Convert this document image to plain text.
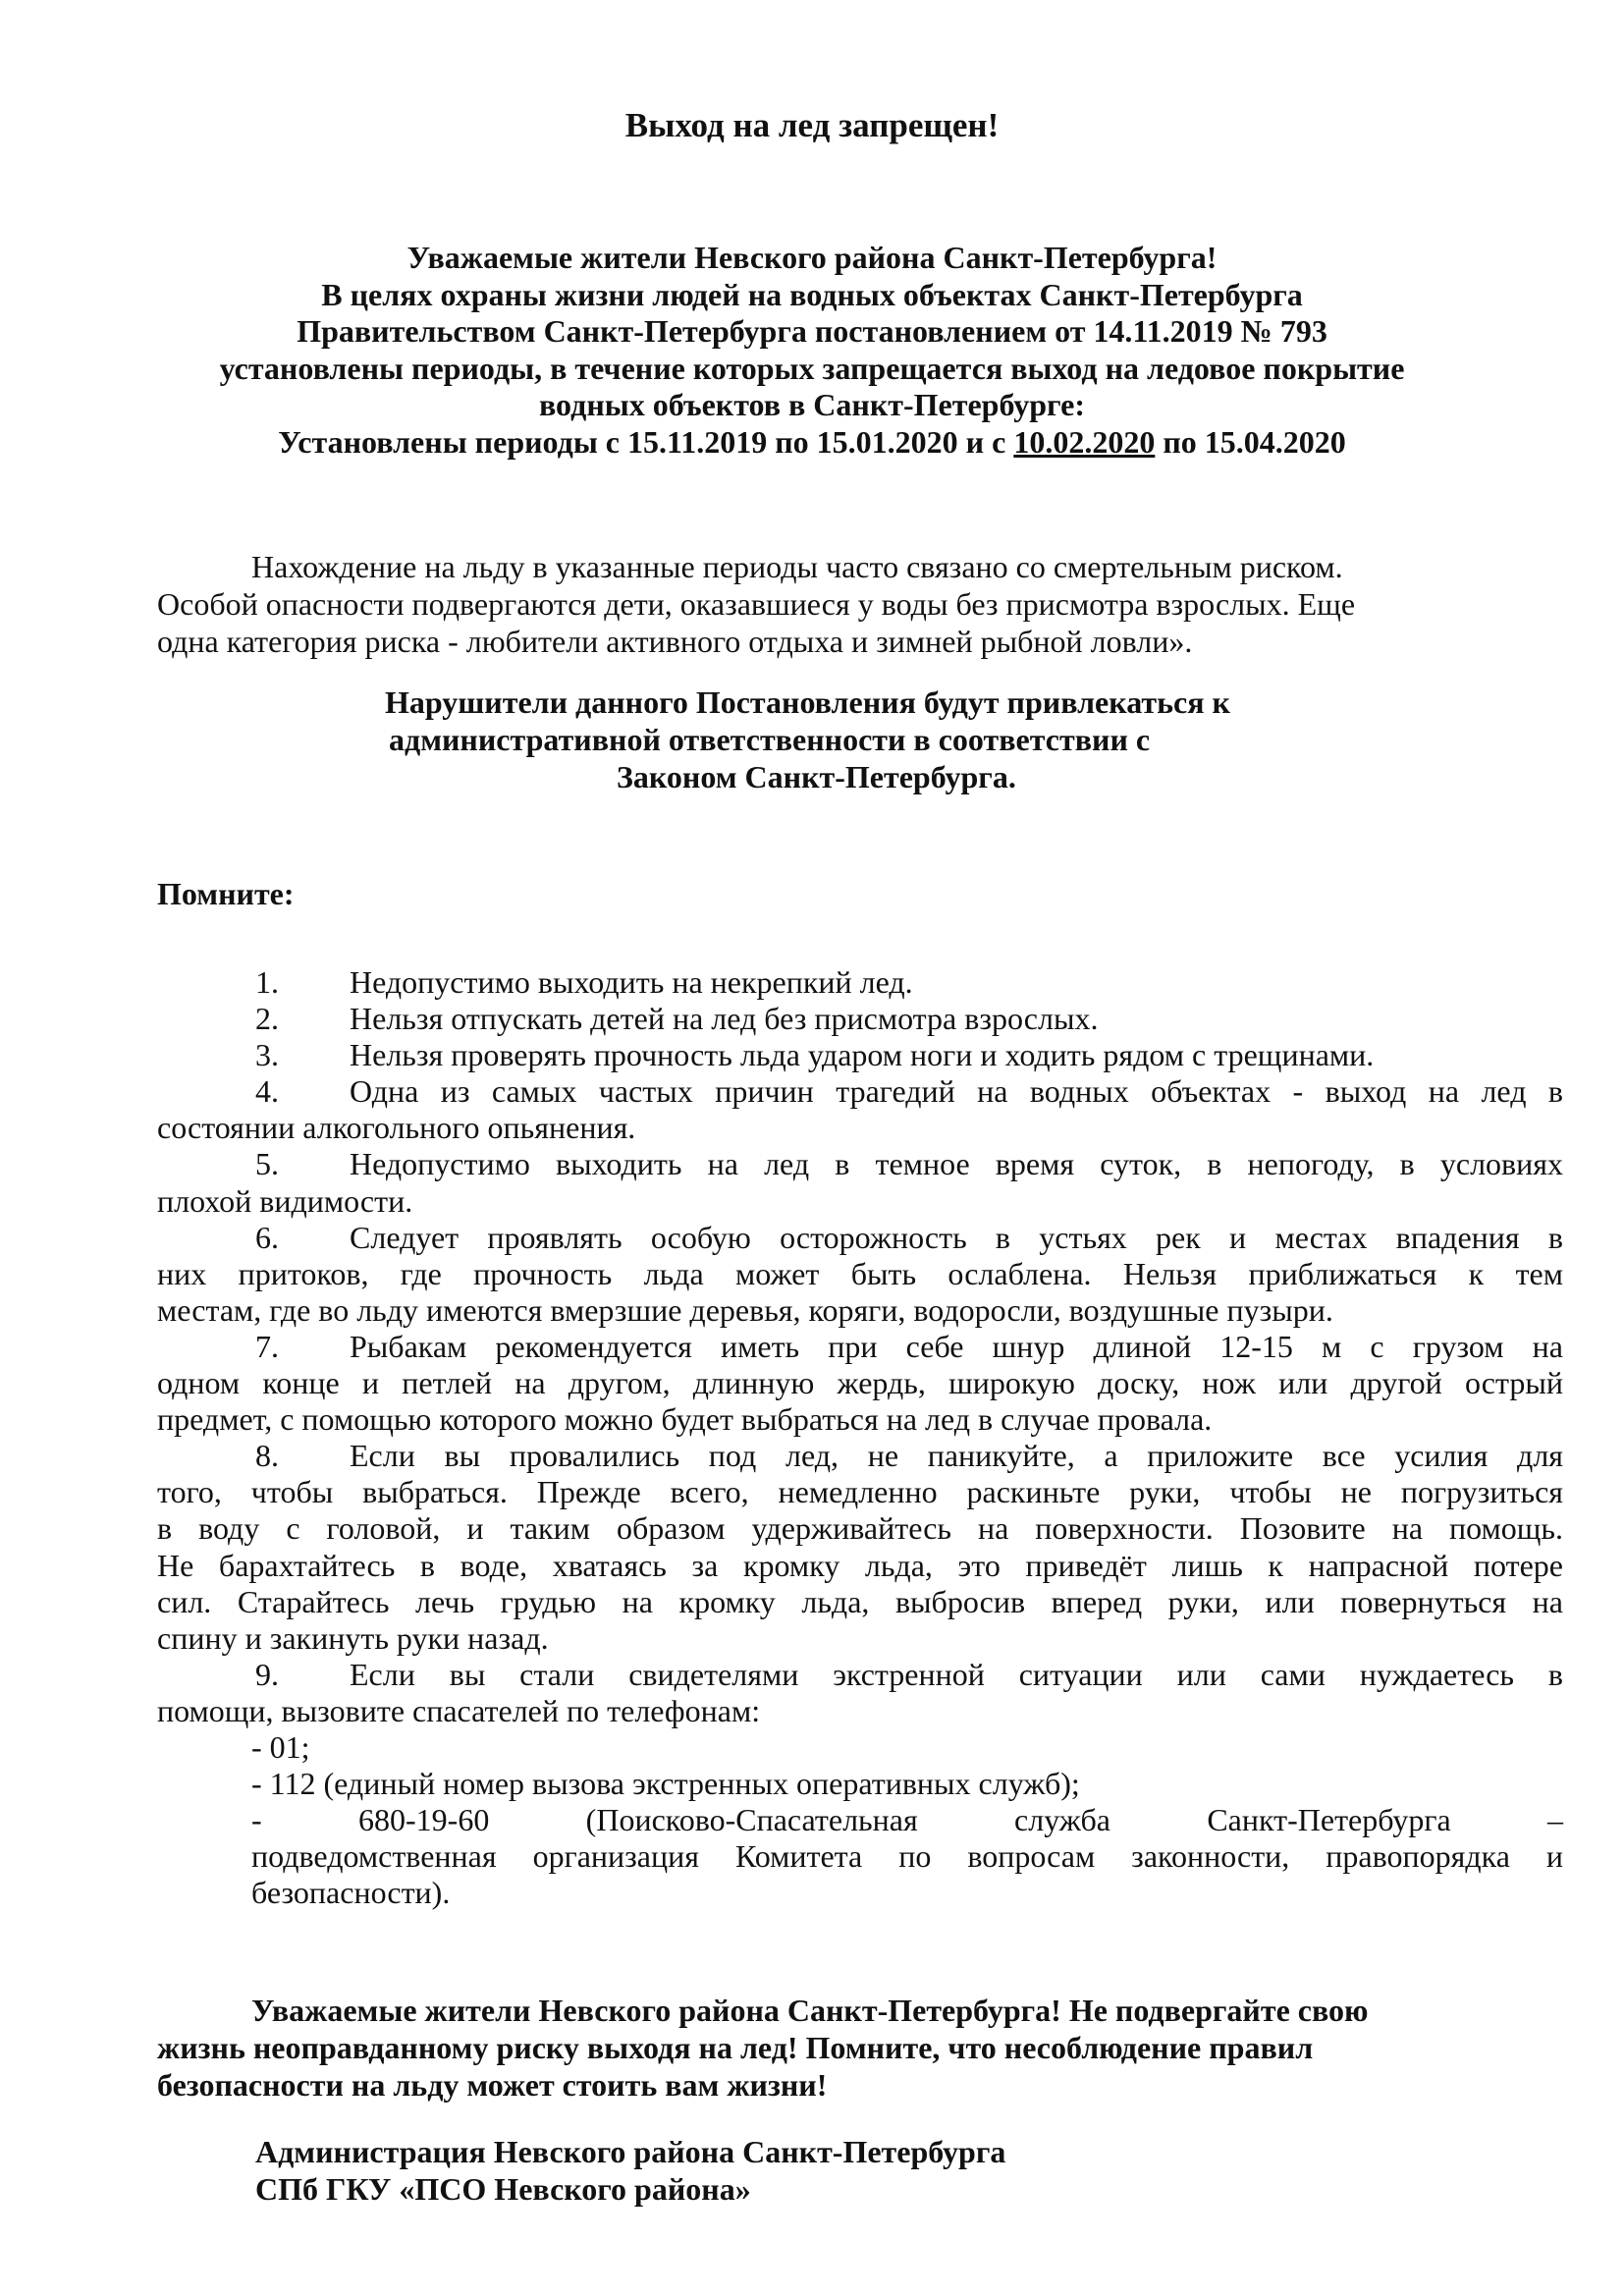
Выход на лед запрещен!
Уважаемые жители Невского района Санкт-Петербурга!
В целях охраны жизни людей на водных объектах Санкт-Петербурга
Правительством Санкт-Петербурга постановлением от 14.11.2019 № 793
установлены периоды, в течение которых запрещается выход на ледовое покрытие
водных объектов в Санкт-Петербурге:
Установлены периоды с 15.11.2019 по 15.01.2020 и с 10.02.2020 по 15.04.2020
Нахождение на льду в указанные периоды часто связано со смертельным риском.
Особой опасности подвергаются дети, оказавшиеся у воды без присмотра взрослых. Еще
одна категория риска - любители активного отдыха и зимней рыбной ловли».
Нарушители данного Постановления будут привлекаться к
административной ответственности в соответствии с
Законом Санкт-Петербурга.
Помните:
1. Недопустимо выходить на некрепкий лед.
2. Нельзя отпускать детей на лед без присмотра взрослых.
3. Нельзя проверять прочность льда ударом ноги и ходить рядом с трещинами.
4. Одна из самых частых причин трагедий на водных объектах - выход на лед в
состоянии алкогольного опьянения.
5. Недопустимо выходить на лед в темное время суток, в непогоду, в условиях
плохой видимости.
6. Следует проявлять особую осторожность в устьях рек и местах впадения в
них притоков, где прочность льда может быть ослаблена. Нельзя приближаться к тем
местам, где во льду имеются вмерзшие деревья, коряги, водоросли, воздушные пузыри.
7. Рыбакам рекомендуется иметь при себе шнур длиной 12-15 м с грузом на
одном конце и петлей на другом, длинную жердь, широкую доску, нож или другой острый
предмет, с помощью которого можно будет выбраться на лед в случае провала.
8. Если вы провалились под лед, не паникуйте, а приложите все усилия для
того, чтобы выбраться. Прежде всего, немедленно раскиньте руки, чтобы не погрузиться
в воду с головой, и таким образом удерживайтесь на поверхности. Позовите на помощь.
Не барахтайтесь в воде, хватаясь за кромку льда, это приведёт лишь к напрасной потере
сил. Старайтесь лечь грудью на кромку льда, выбросив вперед руки, или повернуться на
спину и закинуть руки назад.
9. Если вы стали свидетелями экстренной ситуации или сами нуждаетесь в
помощи, вызовите спасателей по телефонам:
- 01;
- 112 (единый номер вызова экстренных оперативных служб);
- 680-19-60 (Поисково-Спасательная служба Санкт-Петербурга –
подведомственная организация Комитета по вопросам законности, правопорядка и
безопасности).
Уважаемые жители Невского района Санкт-Петербурга! Не подвергайте свою
жизнь неоправданному риску выходя на лед! Помните, что несоблюдение правил
безопасности на льду может стоить вам жизни!
Администрация Невского района Санкт-Петербурга
СПб ГКУ «ПСО Невского района»
